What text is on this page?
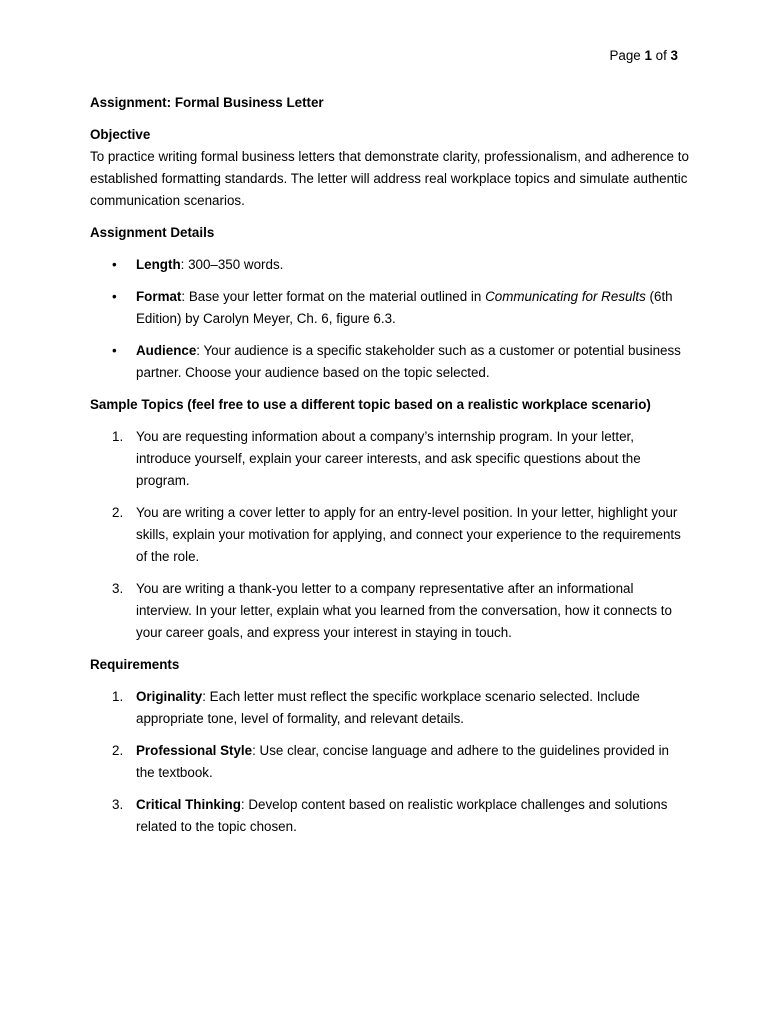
Page 1 of 3

Assignment: Formal Business Letter

Objective

To practice writing formal business letters that demonstrate clarity, professionalism, and adherence to established formatting standards. The letter will address real workplace topics and simulate authentic communication scenarios.

Assignment Details

• Length: 300–350 words.
• Format: Base your letter format on the material outlined in Communicating for Results (6th Edition) by Carolyn Meyer, Ch. 6, figure 6.3.
• Audience: Your audience is a specific stakeholder such as a customer or potential business partner. Choose your audience based on the topic selected.

Sample Topics (feel free to use a different topic based on a realistic workplace scenario)

1. You are requesting information about a company’s internship program. In your letter, introduce yourself, explain your career interests, and ask specific questions about the program.
2. You are writing a cover letter to apply for an entry-level position. In your letter, highlight your skills, explain your motivation for applying, and connect your experience to the requirements of the role.
3. You are writing a thank-you letter to a company representative after an informational interview. In your letter, explain what you learned from the conversation, how it connects to your career goals, and express your interest in staying in touch.

Requirements

1. Originality: Each letter must reflect the specific workplace scenario selected. Include appropriate tone, level of formality, and relevant details.
2. Professional Style: Use clear, concise language and adhere to the guidelines provided in the textbook.
3. Critical Thinking: Develop content based on realistic workplace challenges and solutions related to the topic chosen.
